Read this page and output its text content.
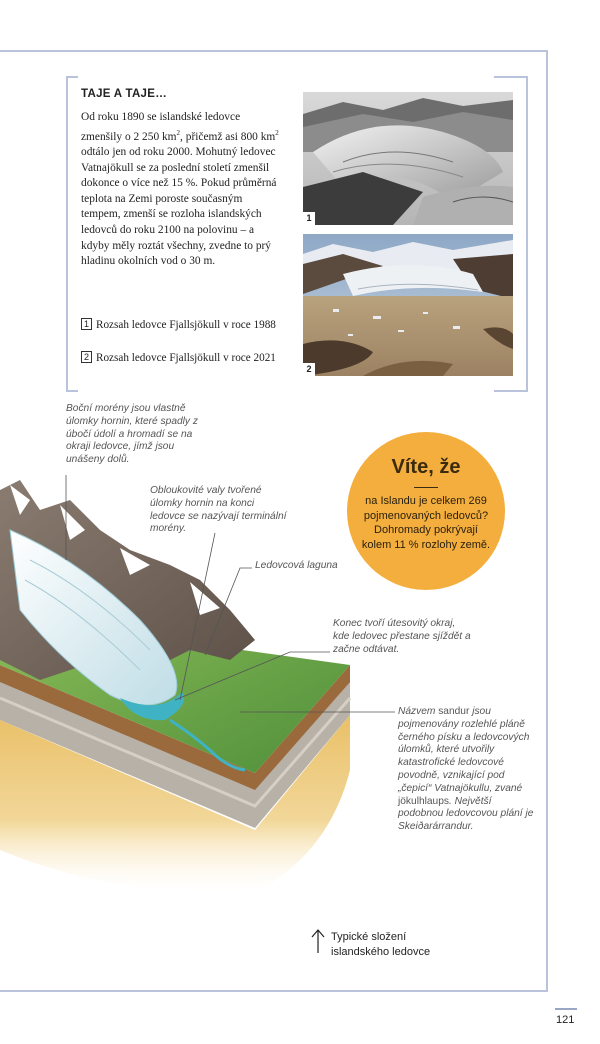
TAJE A TAJE…
Od roku 1890 se islandské ledovce zmenšily o 2 250 $km^2$, přičemž asi 800 $km^2$ odtálo jen od roku 2000. Mohutný ledovec Vatnajökull se za poslední století zmenšil dokonce o více než 15 %. Pokud průměrná teplota na Zemi poroste současným tempem, zmenší se rozloha islandských ledovců do roku 2100 na polovinu – a kdyby měly roztát všechny, zvedne to prý hladinu okolních vod o 30 m.
1 Rozsah ledovce Fjallsjökull v roce 1988
2 Rozsah ledovce Fjallsjökull v roce 2021
1
2
Boční morény jsou vlastně úlomky hornin, které spadly z úbočí údolí a hromadí se na okraji ledovce, jímž jsou unášeny dolů.
Obloukovité valy tvořené úlomky hornin na konci ledovce se nazývají terminální morény.
Ledovcová laguna
Konec tvoří útesovitý okraj, kde ledovec přestane sjíždět a začne odtávat.
Názvem sandur jsou pojmenovány rozlehlé pláně černého písku a ledovcových úlomků, které utvořily katastrofické ledovcové povodně, vznikající pod „čepicí“ Vatnajökullu, zvané jökulhlaups. Největší podobnou ledovcovou plání je Skeiðarárrandur.
Víte, že
na Islandu je celkem 269 pojmenovaných ledovců? Dohromady pokrývají kolem 11 % rozlohy země.
Typické složení
islandského ledovce
121
